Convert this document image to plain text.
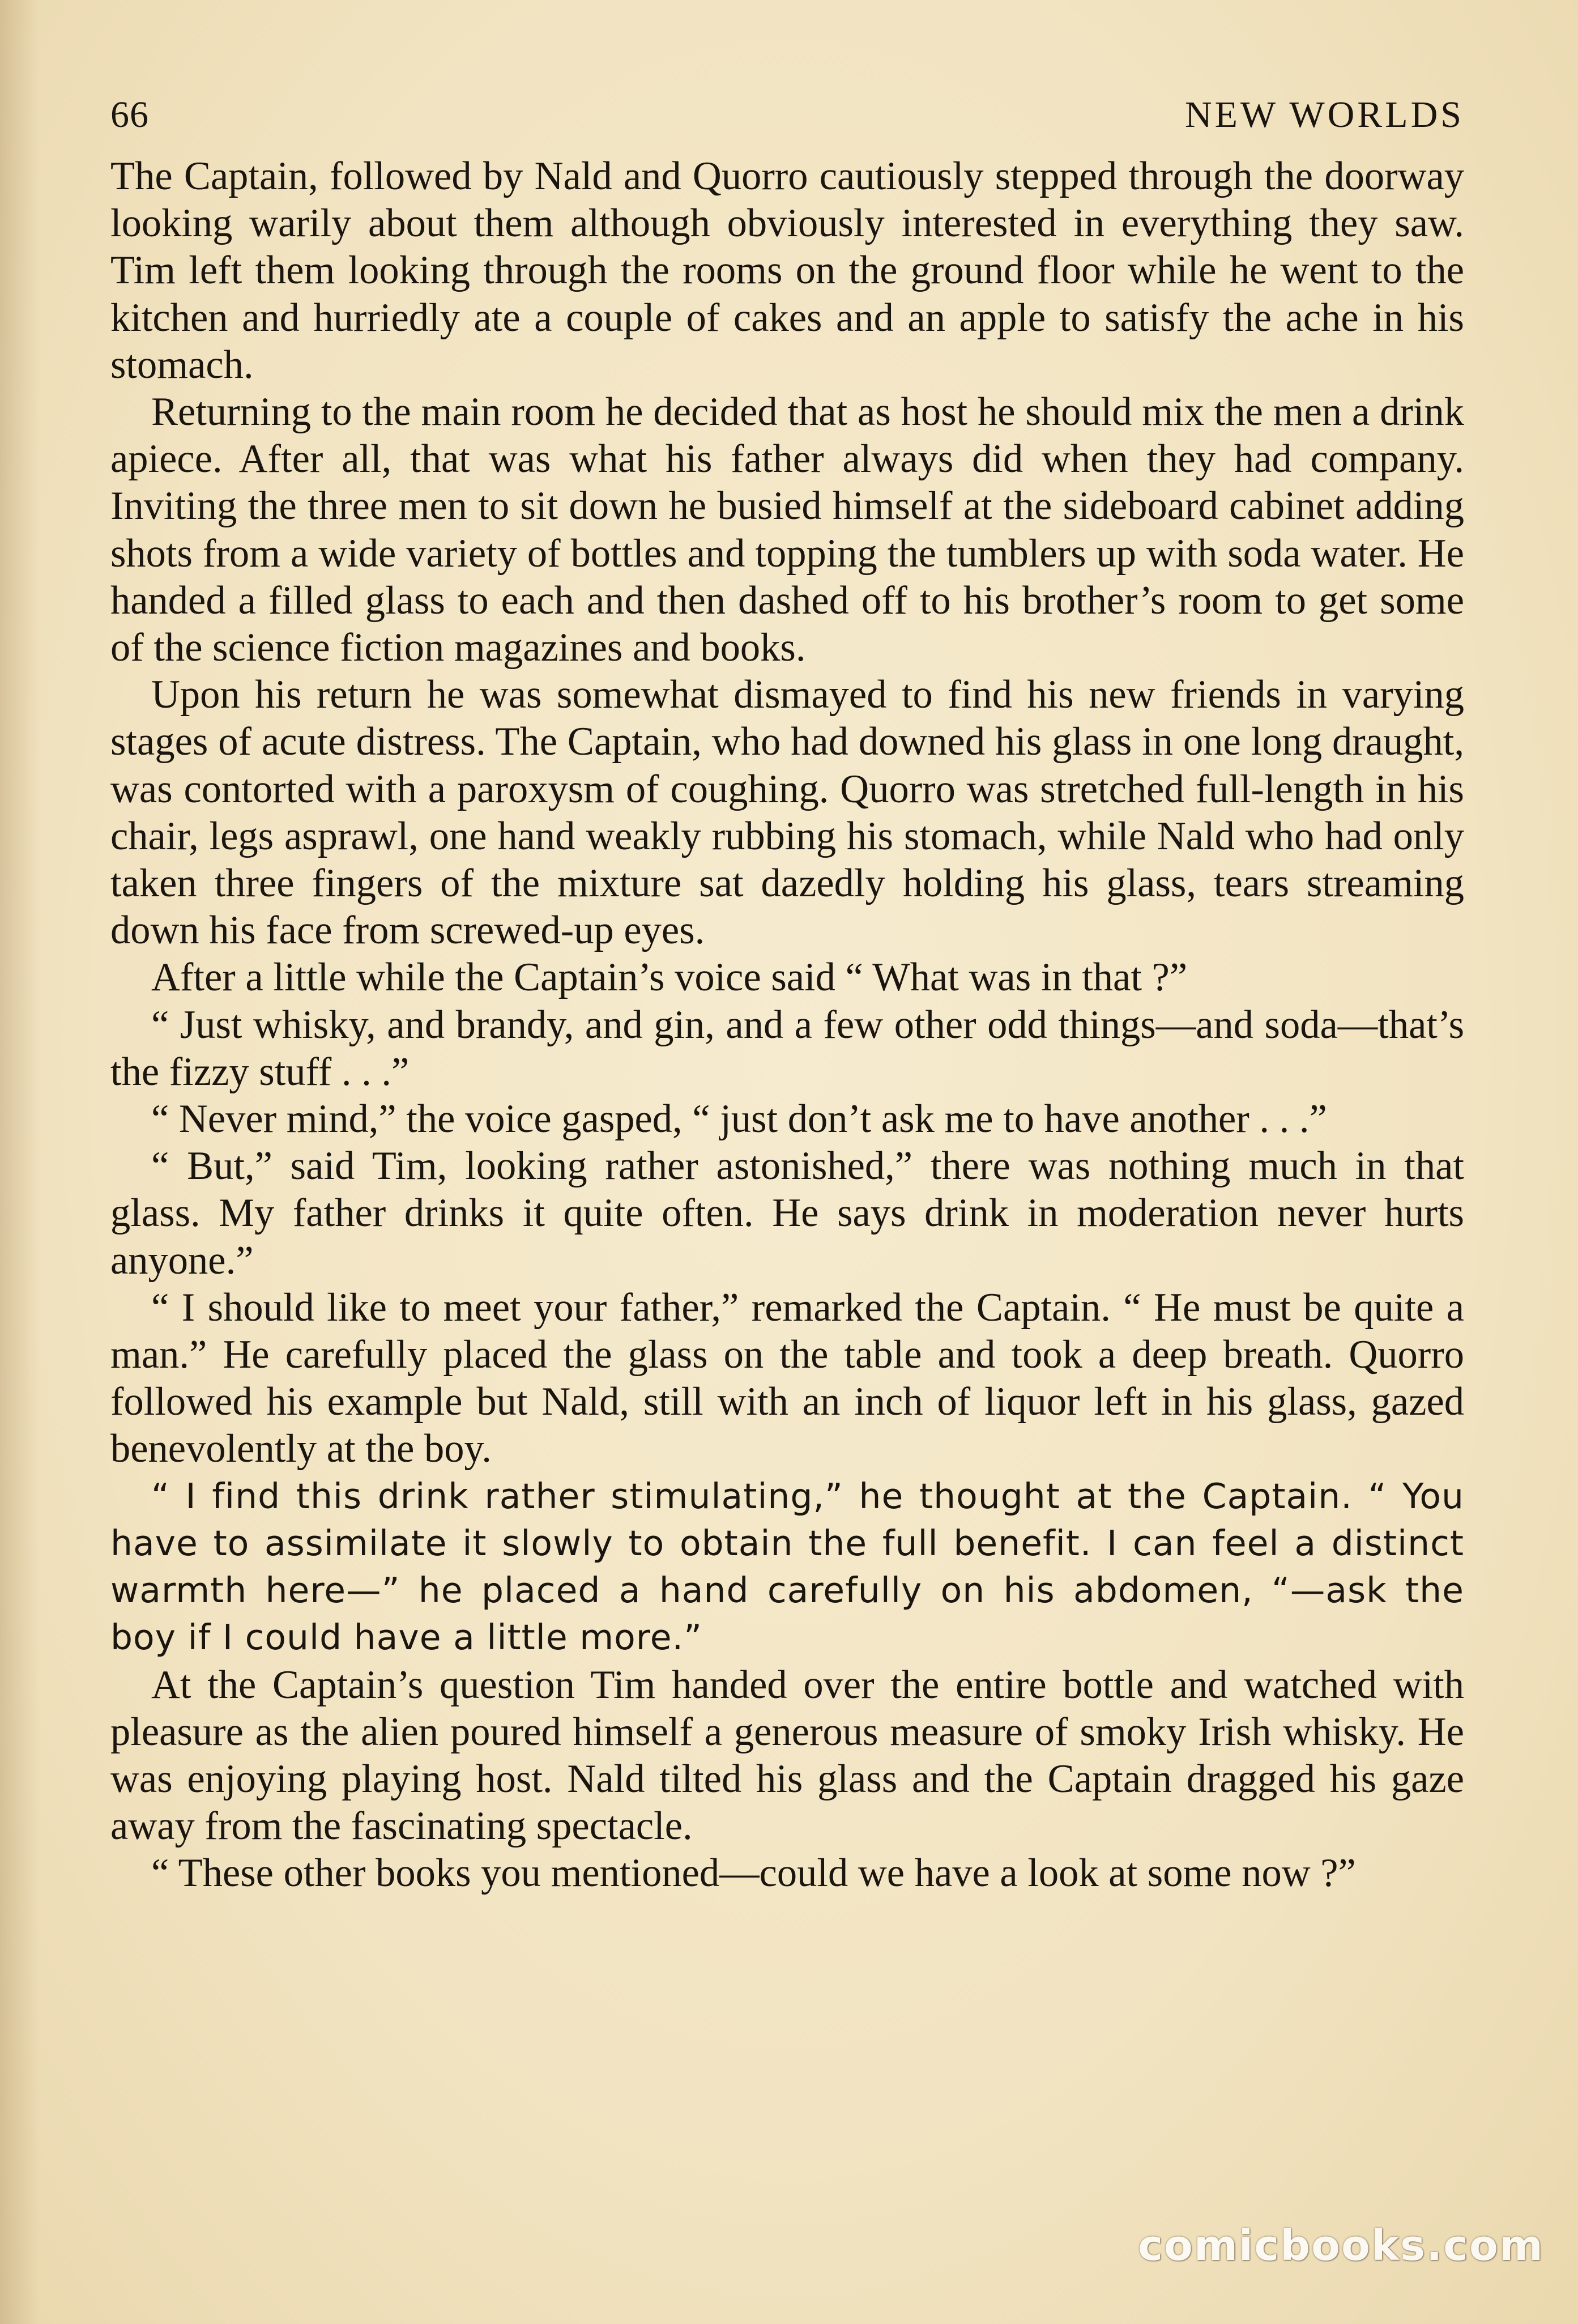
66	NEW WORLDS

The Captain, followed by Nald and Quorro cautiously stepped through the doorway looking warily about them although obviously interested in everything they saw. Tim left them looking through the rooms on the ground floor while he went to the kitchen and hurriedly ate a couple of cakes and an apple to satisfy the ache in his stomach.

Returning to the main room he decided that as host he should mix the men a drink apiece. After all, that was what his father always did when they had company. Inviting the three men to sit down he busied himself at the sideboard cabinet adding shots from a wide variety of bottles and topping the tumblers up with soda water. He handed a filled glass to each and then dashed off to his brother’s room to get some of the science fiction magazines and books.

Upon his return he was somewhat dismayed to find his new friends in varying stages of acute distress. The Captain, who had downed his glass in one long draught, was contorted with a paroxysm of coughing. Quorro was stretched full-length in his chair, legs asprawl, one hand weakly rubbing his stomach, while Nald who had only taken three fingers of the mixture sat dazedly holding his glass, tears streaming down his face from screwed-up eyes.

After a little while the Captain’s voice said “ What was in that ?”

“ Just whisky, and brandy, and gin, and a few other odd things—and soda—that’s the fizzy stuff . . .”

“ Never mind,” the voice gasped, “ just don’t ask me to have another . . .”

“ But,” said Tim, looking rather astonished,” there was nothing much in that glass. My father drinks it quite often. He says drink in moderation never hurts anyone.”

“ I should like to meet your father,” remarked the Captain. “ He must be quite a man.” He carefully placed the glass on the table and took a deep breath. Quorro followed his example but Nald, still with an inch of liquor left in his glass, gazed benevolently at the boy.

“ I find this drink rather stimulating,” he thought at the Captain. “ You have to assimilate it slowly to obtain the full benefit. I can feel a distinct warmth here—” he placed a hand carefully on his abdomen, “—ask the boy if I could have a little more.”

At the Captain’s question Tim handed over the entire bottle and watched with pleasure as the alien poured himself a generous measure of smoky Irish whisky. He was enjoying playing host. Nald tilted his glass and the Captain dragged his gaze away from the fascinating spectacle.

“ These other books you mentioned—could we have a look at some now ?”

comicbooks.com
